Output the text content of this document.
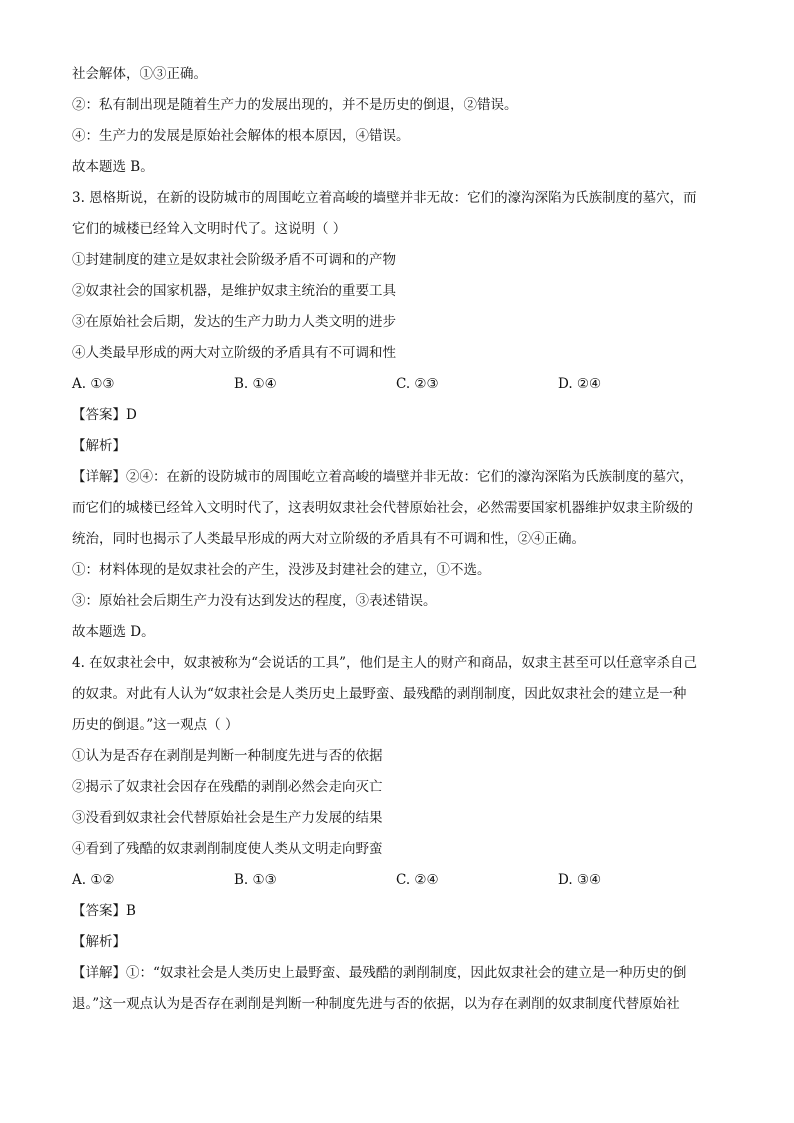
社会解体，①③正确。

②：私有制出现是随着生产力的发展出现的，并不是历史的倒退，②错误。

④：生产力的发展是原始社会解体的根本原因，④错误。

故本题选 B。

3. 恩格斯说，在新的设防城市的周围屹立着高峻的墙壁并非无故：它们的濠沟深陷为氏族制度的墓穴，而

它们的城楼已经耸入文明时代了。这说明（ ）

①封建制度的建立是奴隶社会阶级矛盾不可调和的产物

②奴隶社会的国家机器，是维护奴隶主统治的重要工具

③在原始社会后期，发达的生产力助力人类文明的进步

④人类最早形成的两大对立阶级的矛盾具有不可调和性

A. ①③	B. ①④	C. ②③	D. ②④

【答案】D

【解析】

【详解】②④：在新的设防城市的周围屹立着高峻的墙壁并非无故：它们的濠沟深陷为氏族制度的墓穴，

而它们的城楼已经耸入文明时代了，这表明奴隶社会代替原始社会，必然需要国家机器维护奴隶主阶级的

统治，同时也揭示了人类最早形成的两大对立阶级的矛盾具有不可调和性，②④正确。

①：材料体现的是奴隶社会的产生，没涉及封建社会的建立，①不选。

③：原始社会后期生产力没有达到发达的程度，③表述错误。

故本题选 D。

4. 在奴隶社会中，奴隶被称为“会说话的工具”，他们是主人的财产和商品，奴隶主甚至可以任意宰杀自己

的奴隶。对此有人认为“奴隶社会是人类历史上最野蛮、最残酷的剥削制度，因此奴隶社会的建立是一种

历史的倒退。”这一观点（ ）

①认为是否存在剥削是判断一种制度先进与否的依据

②揭示了奴隶社会因存在残酷的剥削必然会走向灭亡

③没看到奴隶社会代替原始社会是生产力发展的结果

④看到了残酷的奴隶剥削制度使人类从文明走向野蛮

A. ①②	B. ①③	C. ②④	D. ③④

【答案】B

【解析】

【详解】①：“奴隶社会是人类历史上最野蛮、最残酷的剥削制度，因此奴隶社会的建立是一种历史的倒

退。”这一观点认为是否存在剥削是判断一种制度先进与否的依据，以为存在剥削的奴隶制度代替原始社
